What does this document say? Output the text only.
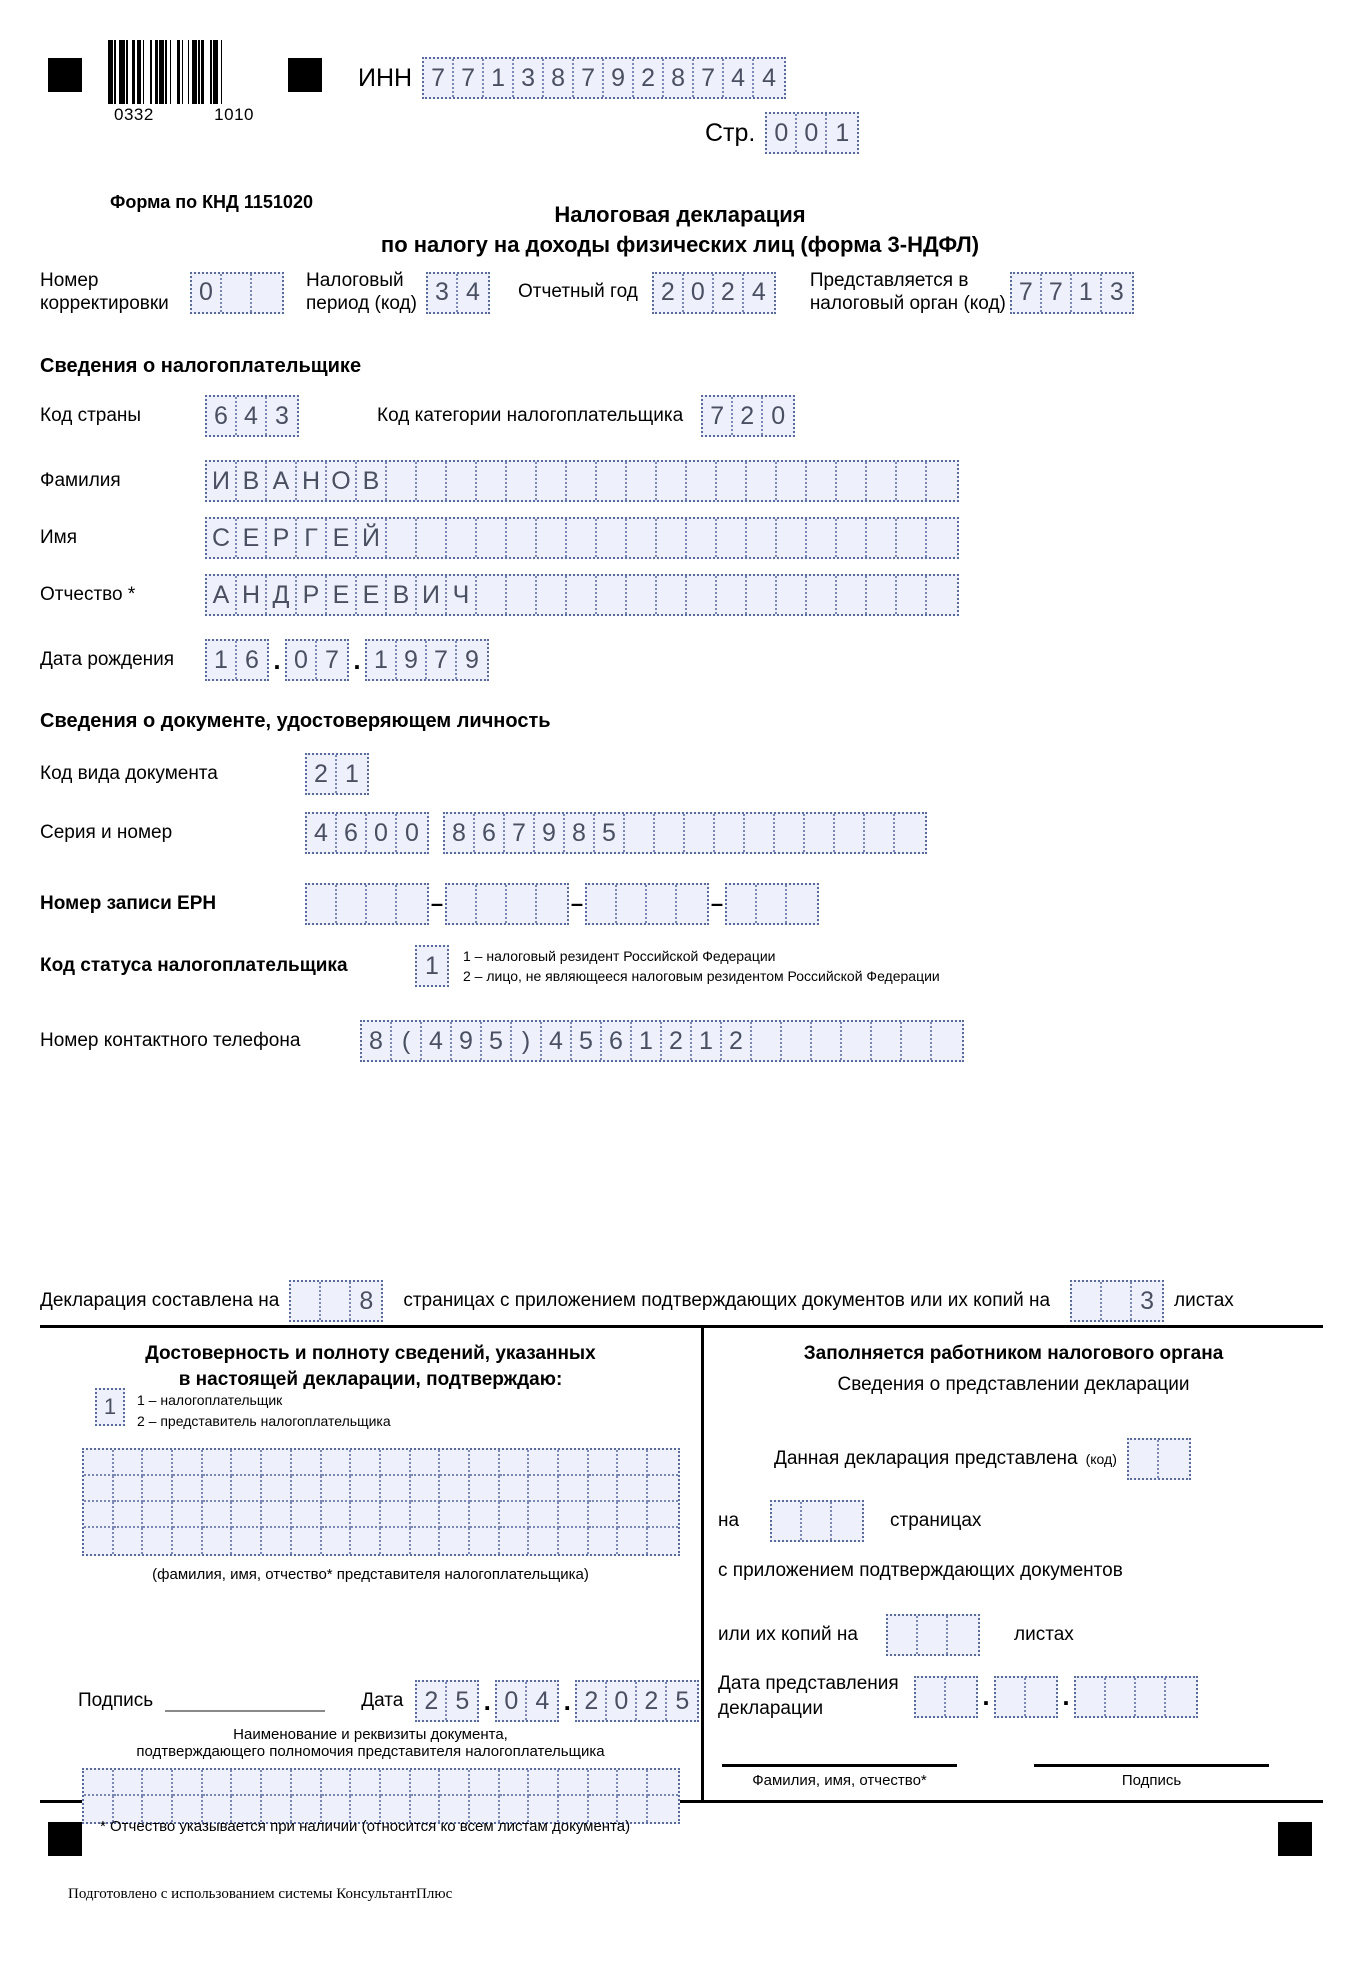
0332	1010
ИНН 7 7 1 3 8 7 9 2 8 7 4 4
Стр. 0 0 1
Форма по КНД 1151020	Налоговая декларация
по налогу на доходы физических лиц (форма 3-НДФЛ)
Номер
корректировки	0	Налоговый
период (код) 3 4	Отчетный год 2 0 2 4	Представляется в
налоговый орган (код) 7 7 1 3
Сведения о налогоплательщике
Код страны	6 4 3	Код категории налогоплательщика 7 2 0
Фамилия	И В А Н О В
Имя	С Е Р Г Е Й
Отчество *	А Н Д Р Е Е В И Ч
Дата рождения	1 6 . 0 7 . 1 9 7 9
Сведения о документе, удостоверяющем личность
Код вида документа	2 1
Серия и номер	4 6 0 0	8 6 7 9 8 5
Номер записи ЕРН	–	–	–
Код статуса налогоплательщика	1	1 – налоговый резидент Российской Федерации
2 – лицо, не являющееся налоговым резидентом Российской Федерации
Номер контактного телефона	8 ( 4 9 5 ) 4 5 6 1 2 1 2
Декларация составлена на	8	страницах с приложением подтверждающих документов или их копий на	3	листах
Достоверность и полноту сведений, указанных
в настоящей декларации, подтверждаю:
1	1 – налогоплательщик
2 – представитель налогоплательщика
(фамилия, имя, отчество* представителя налогоплательщика)
Подпись	Дата 2 5 . 0 4 . 2 0 2 5
Наименование и реквизиты документа,
подтверждающего полномочия представителя налогоплательщика
Заполняется работником налогового органа
Сведения о представлении декларации
Данная декларация представлена (код)
на	страницах
с приложением подтверждающих документов
или их копий на	листах
Дата представления
декларации	.	.
Фамилия, имя, отчество*	Подпись
* Отчество указывается при наличии (относится ко всем листам документа)
Подготовлено с использованием системы КонсультантПлюс
